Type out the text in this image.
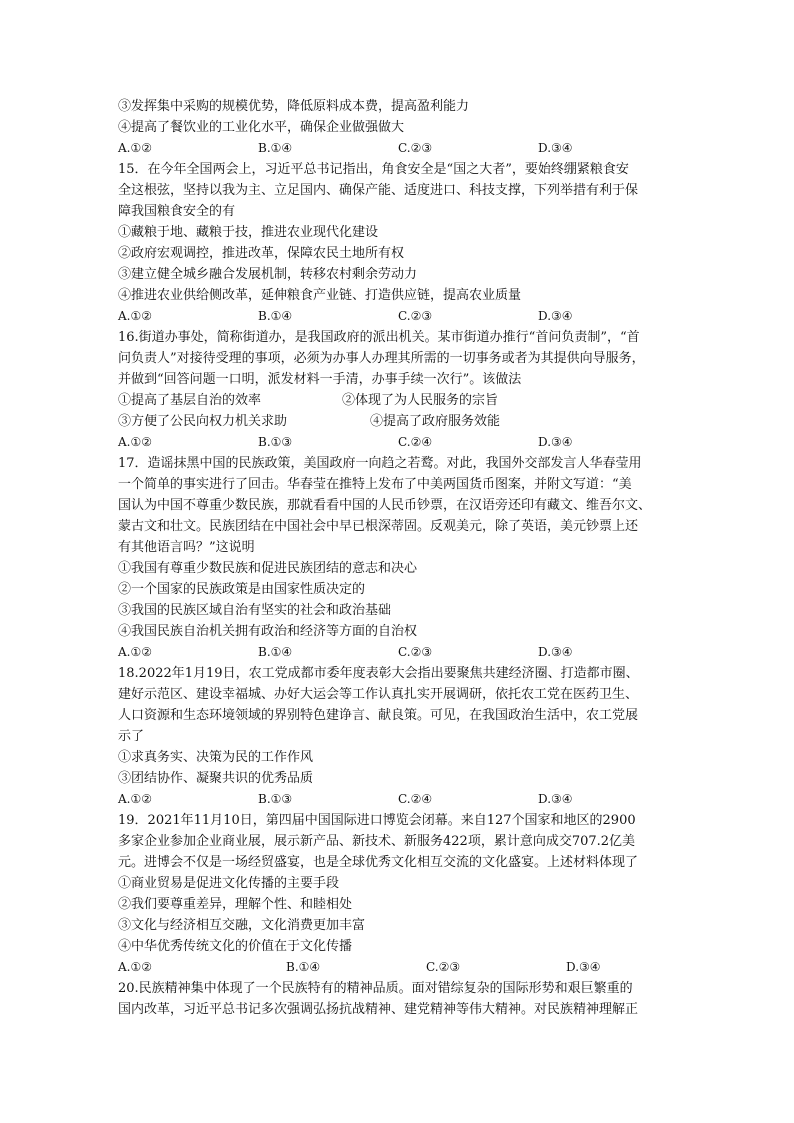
③发挥集中采购的规模优势，降低原料成本费，提高盈利能力
④提高了餐饮业的工业化水平，确保企业做强做大
A.①②	B.①④	C.②③	D.③④
15．在今年全国两会上，习近平总书记指出，角食安全是“国之大者”，要始终绷紧粮食安
全这根弦，坚持以我为主、立足国内、确保产能、适度进口、科技支撑，下列举措有利于保
障我国粮食安全的有
①藏粮于地、藏粮于技，推进农业现代化建设
②政府宏观调控，推进改革，保障农民土地所有权
③建立健全城乡融合发展机制，转移农村剩余劳动力
④推进农业供给侧改革，延伸粮食产业链、打造供应链，提高农业质量
A.①②	B.①④	C.②③	D.③④
16.街道办事处，简称街道办，是我国政府的派出机关。某市街道办推行“首问负责制”，“首
问负责人”对接待受理的事项，必须为办事人办理其所需的一切事务或者为其提供向导服务，
并做到“回答问题一口明，派发材料一手清，办事手续一次行”。该做法
①提高了基层自治的效率	②体现了为人民服务的宗旨
③方便了公民向权力机关求助	④提高了政府服务效能
A.①②	B.①③	C.②④	D.③④
17．造谣抹黑中国的民族政策，美国政府一向趋之若鹜。对此，我国外交部发言人华春莹用
一个简单的事实进行了回击。华春莹在推特上发布了中美两国货币图案，并附文写道：“美
国认为中国不尊重少数民族，那就看看中国的人民币钞票，在汉语旁还印有藏文、维吾尔文、
蒙古文和壮文。民族团结在中国社会中早已根深蒂固。反观美元，除了英语，美元钞票上还
有其他语言吗？”这说明
①我国有尊重少数民族和促进民族团结的意志和决心
②一个国家的民族政策是由国家性质决定的
③我国的民族区域自治有坚实的社会和政治基础
④我国民族自治机关拥有政治和经济等方面的自治权
A.①②	B.①④	C.②③	D.③④
18.2022年1月19日，农工党成都市委年度表彰大会指出要聚焦共建经济圈、打造都市圈、
建好示范区、建设幸福城、办好大运会等工作认真扎实开展调研，依托农工党在医药卫生、
人口资源和生态环境领域的界别特色建诤言、献良策。可见，在我国政治生活中，农工党展
示了
①求真务实、决策为民的工作作风
③团结协作、凝聚共识的优秀品质
A.①②	B.①③	C.②④	D.③④
19．2021年11月10日，第四届中国国际进口博览会闭幕。来自127个国家和地区的2900
多家企业参加企业商业展，展示新产品、新技术、新服务422项，累计意向成交707.2亿美
元。进博会不仅是一场经贸盛宴，也是全球优秀文化相互交流的文化盛宴。上述材料体现了
①商业贸易是促进文化传播的主要手段
②我们要尊重差异，理解个性、和睦相处
③文化与经济相互交融，文化消费更加丰富
④中华优秀传统文化的价值在于文化传播
A.①②	B.①④	C.②③	D.③④
20.民族精神集中体现了一个民族特有的精神品质。面对错综复杂的国际形势和艰巨繁重的
国内改革，习近平总书记多次强调弘扬抗战精神、建党精神等伟大精神。对民族精神理解正
